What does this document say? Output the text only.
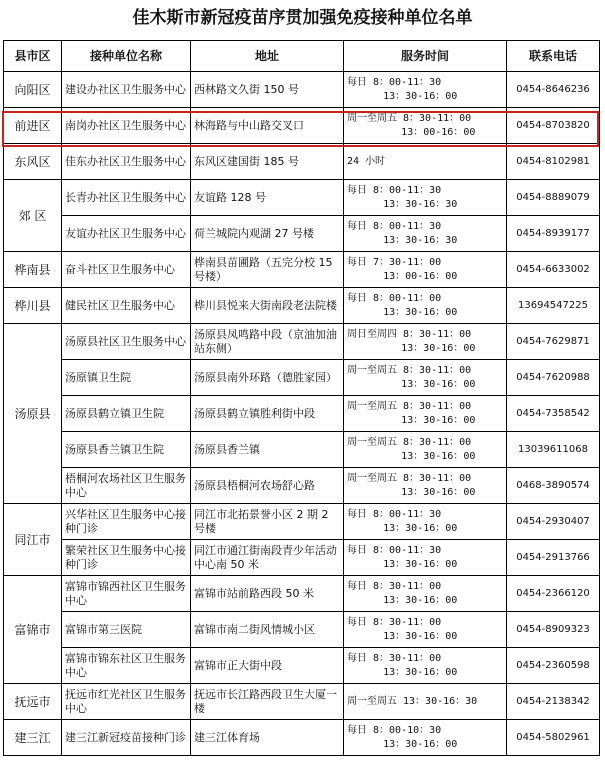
佳木斯市新冠疫苗序贯加强免疫接种单位名单
县市区	接种单位名称	地址	服务时间	联系电话
向阳区	建设办社区卫生服务中心	西林路文久街 150 号	每日 8：00-11：30
13：30-16：00	0454-8646236
前进区	南岗办社区卫生服务中心	林海路与中山路交叉口	周一至周五 8：30-11：00
13：00-16：00	0454-8703820
东风区	佳东办社区卫生服务中心	东风区建国街 185 号	24 小时	0454-8102981
郊 区	长青办社区卫生服务中心	友谊路 128 号	每日 8：00-11：30
13：30-16：30	0454-8889079
	友谊办社区卫生服务中心	荷兰城院内观湖 27 号楼	每日 8：00-11：30
13：30-16：30	0454-8939177
桦南县	奋斗社区卫生服务中心	桦南县苗圃路（五完分校 15 号楼）	每日 7：30-11：00
13：00-16：00	0454-6633002
桦川县	健民社区卫生服务中心	桦川县悦来大街南段老法院楼	每日 8：00-11：00
13：30-16：00	13694547225
汤原县	汤原县社区卫生服务中心	汤原县凤鸣路中段（京油加油站东侧）	周日至周四 8：30-11：00
13：30-16：00	0454-7629871
	汤原镇卫生院	汤原县南外环路（德胜家园）	周一至周五 8：30-11：00
13：30-16：00	0454-7620988
	汤原县鹤立镇卫生院	汤原县鹤立镇胜利街中段	周一至周五 8：30-11：00
13：30-16：00	0454-7358542
	汤原县香兰镇卫生院	汤原县香兰镇	周一至周五 8：30-11：00
13：30-16：00	13039611068
	梧桐河农场社区卫生服务中心	汤原县梧桐河农场舒心路	周一至周五 8：30-11：00
13：30-16：00	0468-3890574
同江市	兴华社区卫生服务中心接种门诊	同江市北拓景誉小区 2 期 2 号楼	每日 8：00-11：30
13：30-16：00	0454-2930407
	繁荣社区卫生服务中心接种门诊	同江市通江街南段青少年活动中心南 50 米	每日 8：00-11：30
13：30-16：00	0454-2913766
富锦市	富锦市锦西社区卫生服务中心	富锦市站前路西段 50 米	每日 8：30-11：00
13：30-16：00	0454-2366120
	富锦市第三医院	富锦市南二街风情城小区	每日 8：30-11：00
13：30-16：00	0454-8909323
	富锦市锦东社区卫生服务中心	富锦市正大街中段	每日 8：30-11：00
13：30-16：00	0454-2360598
抚远市	抚远市红光社区卫生服务中心	抚远市长江路西段卫生大厦一楼	周一至周五 13：30-16：30	0454-2138342
建三江	建三江新冠疫苗接种门诊	建三江体育场	每日 8：00-10：30
13：30-16：00	0454-5802961
